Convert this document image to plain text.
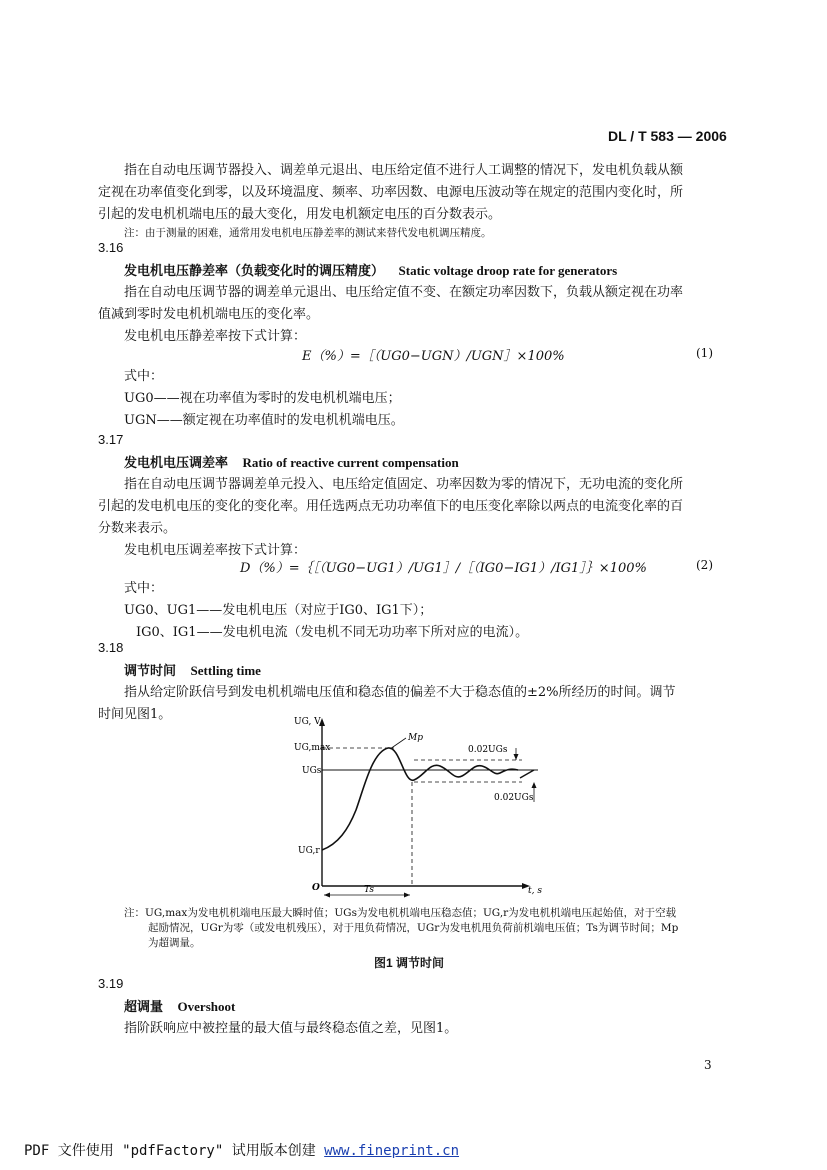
DL / T 583 — 2006
指在自动电压调节器投入、调差单元退出、电压给定值不进行人工调整的情况下，发电机负载从额
定视在功率值变化到零，以及环境温度、频率、功率因数、电源电压波动等在规定的范围内变化时，所
引起的发电机机端电压的最大变化，用发电机额定电压的百分数表示。
注：由于测量的困难，通常用发电机电压静差率的测试来替代发电机调压精度。
3.16
发电机电压静差率（负载变化时的调压精度） Static voltage droop rate for generators
指在自动电压调节器的调差单元退出、电压给定值不变、在额定功率因数下，负载从额定视在功率
值减到零时发电机机端电压的变化率。
发电机电压静差率按下式计算：
E（%）=［（UG0−UGN）/UGN］×100%	(1)
式中：
UG0——视在功率值为零时的发电机机端电压；
UGN——额定视在功率值时的发电机机端电压。
3.17
发电机电压调差率 Ratio of reactive current compensation
指在自动电压调节器调差单元投入、电压给定值固定、功率因数为零的情况下，无功电流的变化所
引起的发电机电压的变化的变化率。用任选两点无功功率值下的电压变化率除以两点的电流变化率的百
分数来表示。
发电机电压调差率按下式计算：
D（%）=｛［（UG0−UG1）/UG1］/［（IG0−IG1）/IG1］｝×100%	(2)
式中：
UG0、UG1——发电机电压（对应于IG0、IG1下）；
IG0、IG1——发电机电流（发电机不同无功功率下所对应的电流）。
3.18
调节时间 Settling time
指从给定阶跃信号到发电机机端电压值和稳态值的偏差不大于稳态值的±2%所经历的时间。调节
时间见图1。	UG, V
UG,max
UGs
UG,r
O	t, s
Mp
Ts
0.02UGs
0.02UGs
注：UG,max为发电机机端电压最大瞬时值；UGs为发电机机端电压稳态值；UG,r为发电机机端电压起始值，对于空载
起励情况，UGr为零（或发电机残压），对于甩负荷情况，UGr为发电机甩负荷前机端电压值；Ts为调节时间；Mp
为超调量。
图1 调节时间
3.19
超调量 Overshoot
指阶跃响应中被控量的最大值与最终稳态值之差，见图1。
3
PDF 文件使用 "pdfFactory" 试用版本创建 www.fineprint.cn
